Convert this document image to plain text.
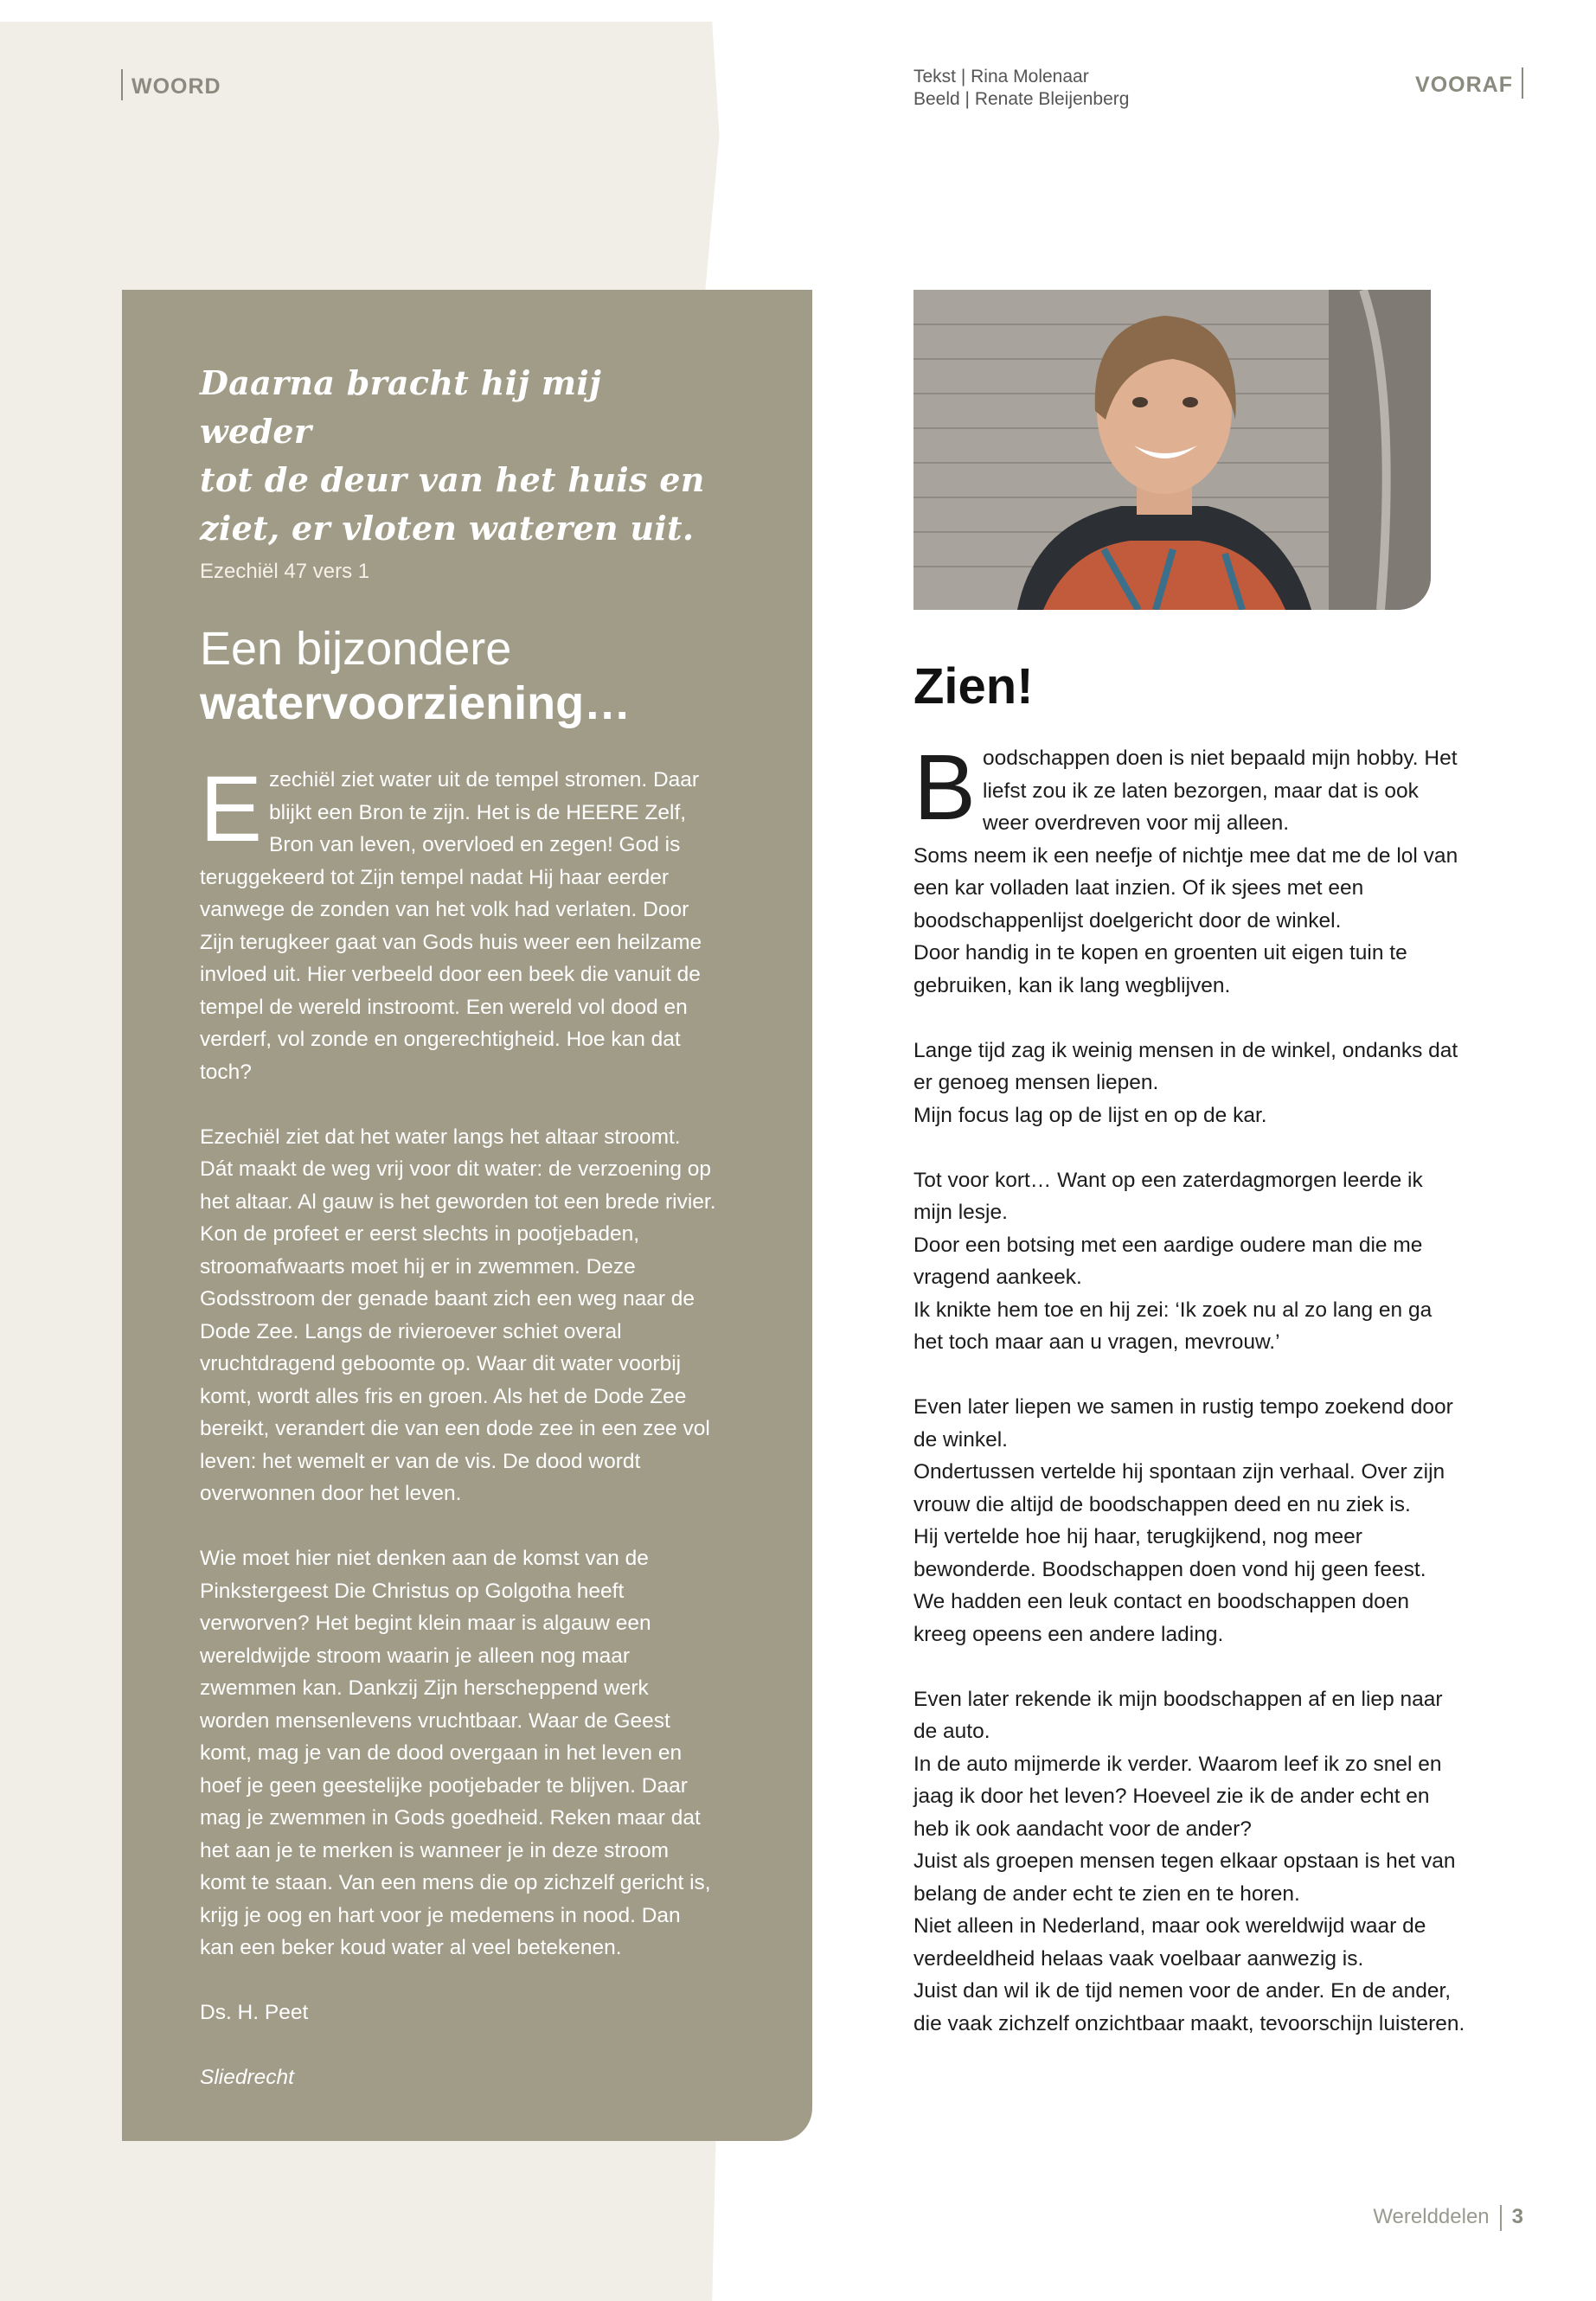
WOORD	Tekst | Rina Molenaar
Beeld | Renate Bleijenberg
VOORAF
Daarna bracht hij mij weder
tot de deur van het huis en
ziet, er vloten wateren uit.
Ezechiël 47 vers 1
Een bijzondere
watervoorziening…

Ezechiël ziet water uit de tempel stromen. Daar blijkt een Bron te zijn. Het is de HEERE Zelf, Bron van leven, overvloed en zegen! God is teruggekeerd tot Zijn tempel nadat Hij haar eerder vanwege de zonden van het volk had verlaten. Door Zijn terugkeer gaat van Gods huis weer een heilzame invloed uit. Hier verbeeld door een beek die vanuit de tempel de wereld instroomt. Een wereld vol dood en verderf, vol zonde en ongerechtigheid. Hoe kan dat toch?

Ezechiël ziet dat het water langs het altaar stroomt. Dát maakt de weg vrij voor dit water: de verzoening op het altaar. Al gauw is het geworden tot een brede rivier. Kon de profeet er eerst slechts in pootjebaden, stroomafwaarts moet hij er in zwemmen. Deze Godsstroom der genade baant zich een weg naar de Dode Zee. Langs de rivieroever schiet overal vruchtdragend geboomte op. Waar dit water voorbij komt, wordt alles fris en groen. Als het de Dode Zee bereikt, verandert die van een dode zee in een zee vol leven: het wemelt er van de vis. De dood wordt overwonnen door het leven.

Wie moet hier niet denken aan de komst van de Pinkstergeest Die Christus op Golgotha heeft verworven? Het begint klein maar is algauw een wereldwijde stroom waarin je alleen nog maar zwemmen kan. Dankzij Zijn herscheppend werk worden mensenlevens vruchtbaar. Waar de Geest komt, mag je van de dood overgaan in het leven en hoef je geen geestelijke pootjebader te blijven. Daar mag je zwemmen in Gods goedheid. Reken maar dat het aan je te merken is wanneer je in deze stroom komt te staan. Van een mens die op zichzelf gericht is, krijg je oog en hart voor je medemens in nood. Dan kan een beker koud water al veel betekenen.

Ds. H. Peet

Sliedrecht

Zien!

Boodschappen doen is niet bepaald mijn hobby. Het liefst zou ik ze laten bezorgen, maar dat is ook weer overdreven voor mij alleen.
Soms neem ik een neefje of nichtje mee dat me de lol van een kar volladen laat inzien. Of ik sjees met een boodschappenlijst doelgericht door de winkel.
Door handig in te kopen en groenten uit eigen tuin te gebruiken, kan ik lang wegblijven.

Lange tijd zag ik weinig mensen in de winkel, ondanks dat er genoeg mensen liepen.
Mijn focus lag op de lijst en op de kar.

Tot voor kort… Want op een zaterdagmorgen leerde ik mijn lesje.
Door een botsing met een aardige oudere man die me vragend aankeek.
Ik knikte hem toe en hij zei: ‘Ik zoek nu al zo lang en ga het toch maar aan u vragen, mevrouw.’

Even later liepen we samen in rustig tempo zoekend door de winkel.
Ondertussen vertelde hij spontaan zijn verhaal. Over zijn vrouw die altijd de boodschappen deed en nu ziek is.
Hij vertelde hoe hij haar, terugkijkend, nog meer bewonderde. Boodschappen doen vond hij geen feest.
We hadden een leuk contact en boodschappen doen kreeg opeens een andere lading.

Even later rekende ik mijn boodschappen af en liep naar de auto.
In de auto mijmerde ik verder. Waarom leef ik zo snel en jaag ik door het leven? Hoeveel zie ik de ander echt en heb ik ook aandacht voor de ander?
Juist als groepen mensen tegen elkaar opstaan is het van belang de ander echt te zien en te horen.
Niet alleen in Nederland, maar ook wereldwijd waar de verdeeldheid helaas vaak voelbaar aanwezig is.
Juist dan wil ik de tijd nemen voor de ander. En de ander, die vaak zichzelf onzichtbaar maakt, tevoorschijn luisteren.

Werelddelen 3
